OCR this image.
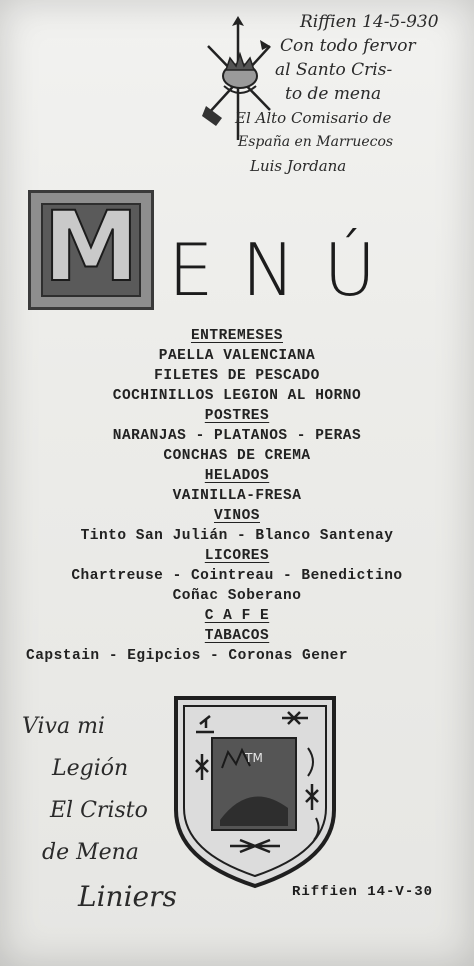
Riffien 14-5-930
Con todo fervor
al Santo Cris-
to de mena
El Alto Comisario de
España en Marruecos
Luis Jordana
M ENÚ
ENTREMESES
PAELLA VALENCIANA
FILETES DE PESCADO
COCHINILLOS LEGION AL HORNO
POSTRES
NARANJAS - PLATANOS - PERAS
CONCHAS DE CREMA
HELADOS
VAINILLA-FRESA
VINOS
Tinto San Julián - Blanco Santenay
LICORES
Chartreuse - Cointreau - Benedictino
Coñac Soberano
C A F E
TABACOS
Capstain - Egipcios - Coronas Gener
Viva mi
Legión
El Cristo
de Mena
Liniers
TM
Riffien 14-V-30
